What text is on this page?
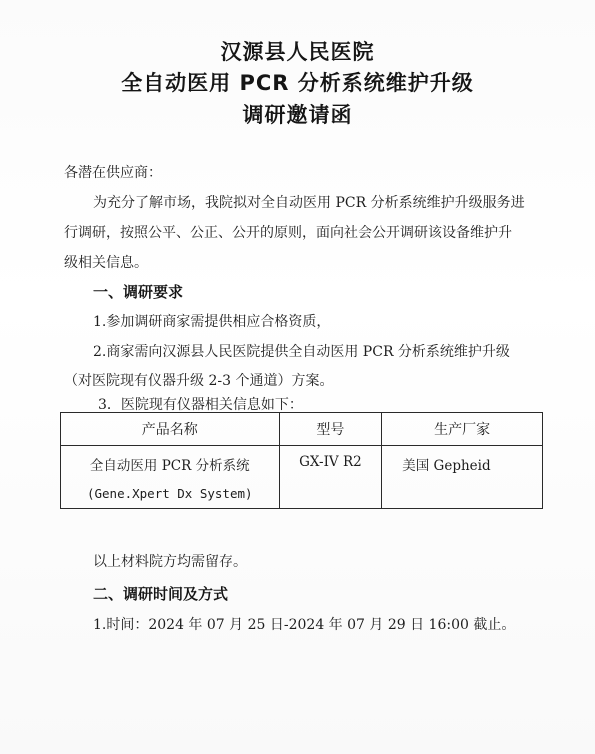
汉源县人民医院
全自动医用 PCR 分析系统维护升级
调研邀请函
各潜在供应商：
为充分了解市场，我院拟对全自动医用 PCR 分析系统维护升级服务进
行调研，按照公平、公正、公开的原则，面向社会公开调研该设备维护升
级相关信息。
一、调研要求
1.参加调研商家需提供相应合格资质，
2.商家需向汉源县人民医院提供全自动医用 PCR 分析系统维护升级
（对医院现有仪器升级 2-3 个通道）方案。
3．医院现有仪器相关信息如下：
产品名称	型号	生产厂家

全自动医用 PCR 分析系统
(Gene.Xpert Dx System)	GX-IV R2	美国 Gepheid
以上材料院方均需留存。
二、调研时间及方式
1.时间：2024 年 07 月 25 日-2024 年 07 月 29 日 16:00 截止。
